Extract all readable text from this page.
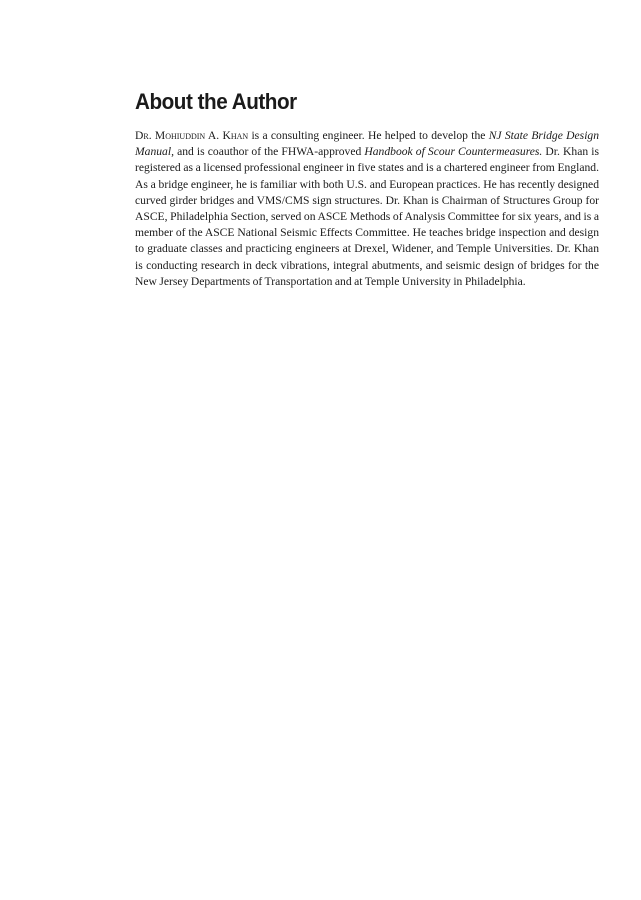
About the Author

Dr. Mohiuddin A. Khan is a consulting engineer. He helped to develop the NJ State Bridge Design Manual, and is coauthor of the FHWA-approved Handbook of Scour Countermeasures. Dr. Khan is registered as a licensed professional engineer in five states and is a chartered engineer from England. As a bridge engineer, he is familiar with both U.S. and European practices. He has recently designed curved girder bridges and VMS/CMS sign structures. Dr. Khan is Chairman of Structures Group for ASCE, Philadelphia Section, served on ASCE Methods of Analysis Committee for six years, and is a member of the ASCE National Seismic Effects Committee. He teaches bridge inspection and design to graduate classes and practicing engineers at Drexel, Widener, and Temple Universities. Dr. Khan is conducting research in deck vibrations, integral abutments, and seismic design of bridges for the New Jersey Departments of Transportation and at Temple University in Philadelphia.
